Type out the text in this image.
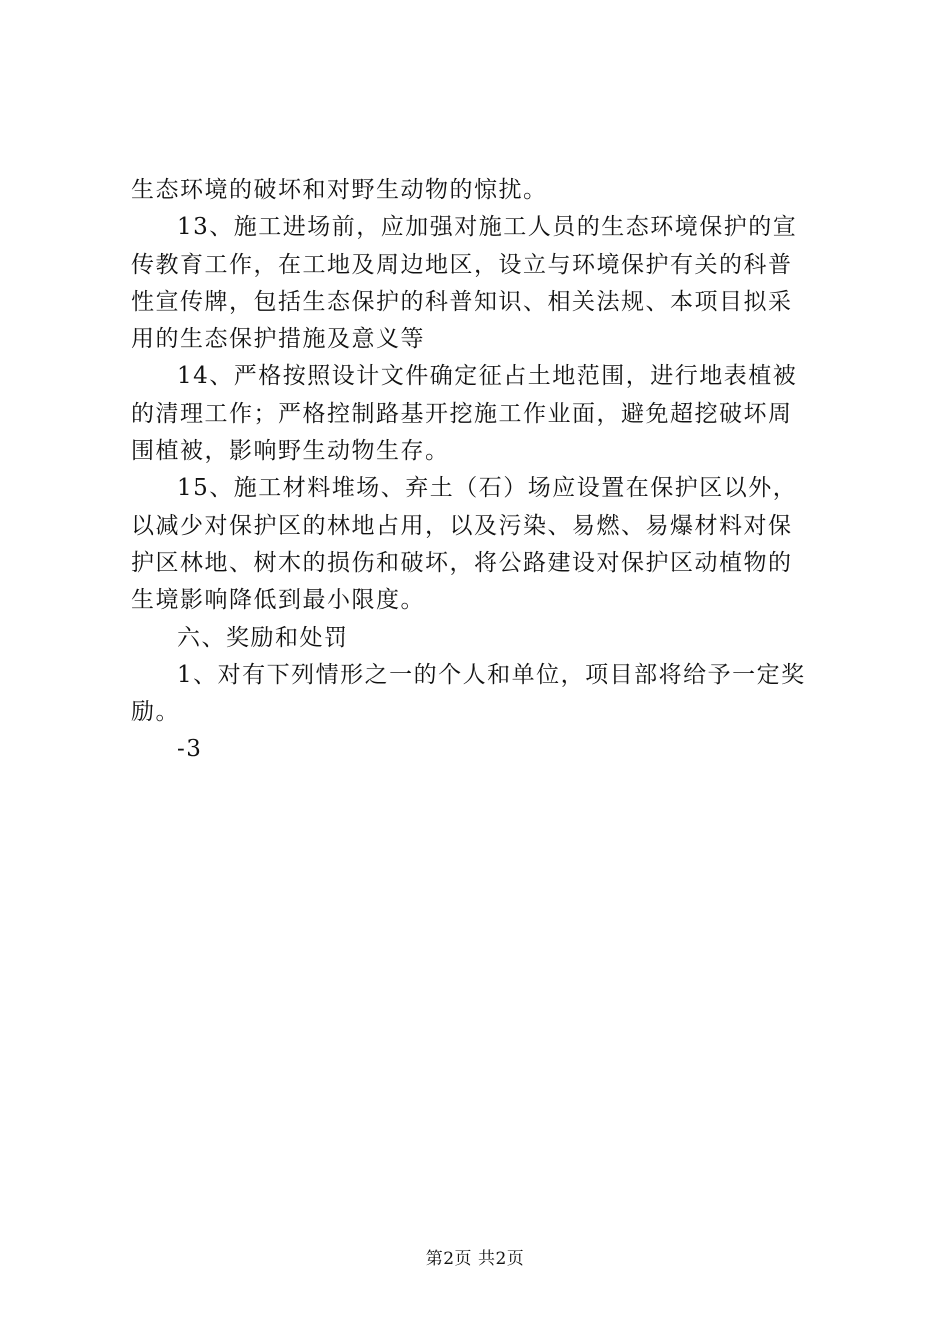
生态环境的破坏和对野生动物的惊扰。
13、施工进场前，应加强对施工人员的生态环境保护的宣
传教育工作，在工地及周边地区，设立与环境保护有关的科普
性宣传牌，包括生态保护的科普知识、相关法规、本项目拟采
用的生态保护措施及意义等
14、严格按照设计文件确定征占土地范围，进行地表植被
的清理工作；严格控制路基开挖施工作业面，避免超挖破坏周
围植被，影响野生动物生存。
15、施工材料堆场、弃土（石）场应设置在保护区以外，
以减少对保护区的林地占用，以及污染、易燃、易爆材料对保
护区林地、树木的损伤和破坏，将公路建设对保护区动植物的
生境影响降低到最小限度。
六、奖励和处罚
1、对有下列情形之一的个人和单位，项目部将给予一定奖
励。
-3
第2页 共2页
